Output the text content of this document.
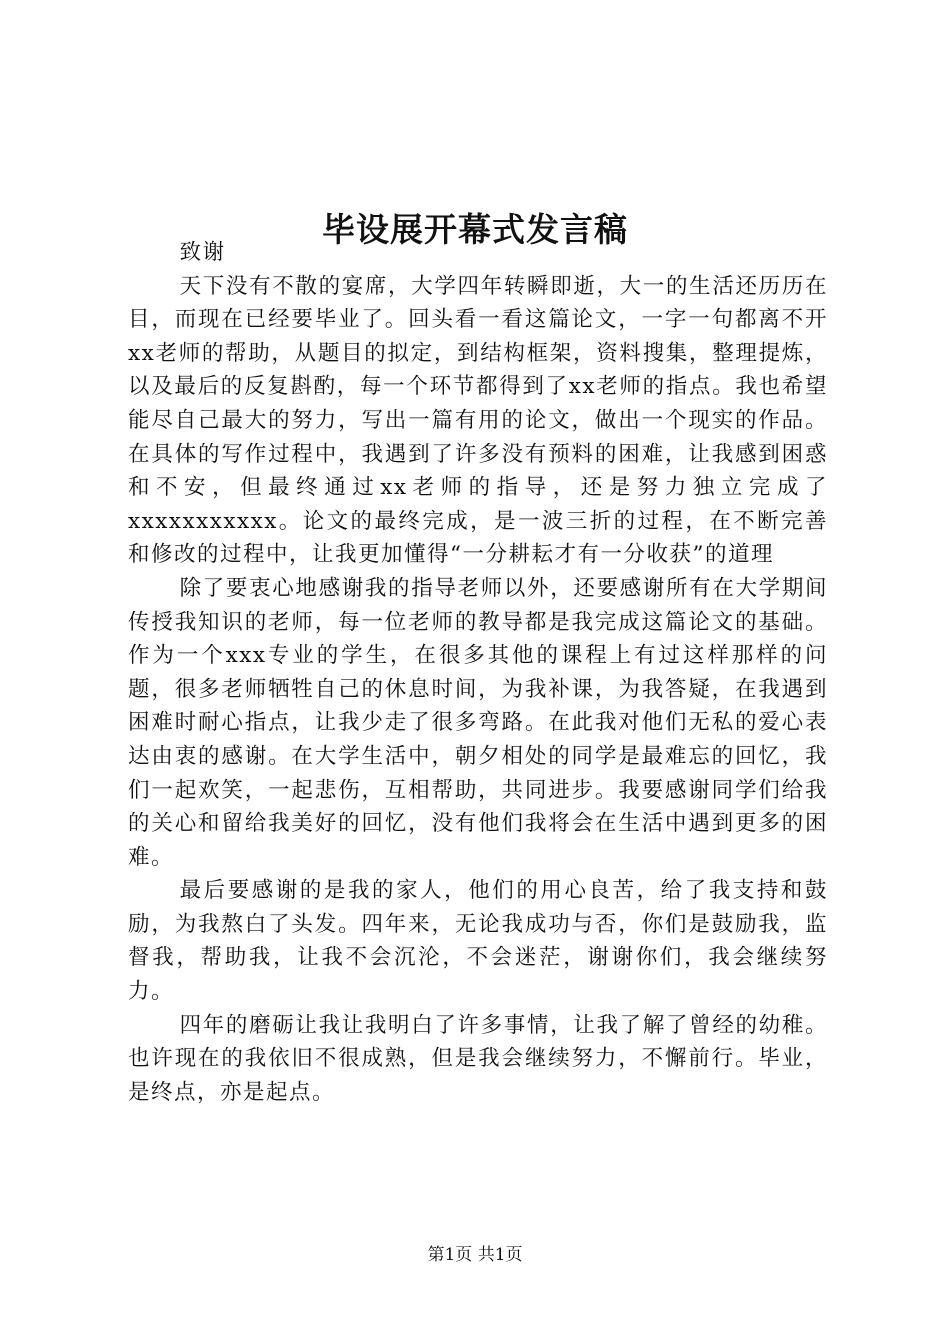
毕设展开幕式发言稿

致谢

天下没有不散的宴席，大学四年转瞬即逝，大一的生活还历历在目，而现在已经要毕业了。回头看一看这篇论文，一字一句都离不开xx老师的帮助，从题目的拟定，到结构框架，资料搜集，整理提炼，以及最后的反复斟酌，每一个环节都得到了xx老师的指点。我也希望能尽自己最大的努力，写出一篇有用的论文，做出一个现实的作品。在具体的写作过程中，我遇到了许多没有预料的困难，让我感到困惑和不安，但最终通过xx老师的指导，还是努力独立完成了xxxxxxxxxxx。论文的最终完成，是一波三折的过程，在不断完善和修改的过程中，让我更加懂得“一分耕耘才有一分收获”的道理

除了要衷心地感谢我的指导老师以外，还要感谢所有在大学期间传授我知识的老师，每一位老师的教导都是我完成这篇论文的基础。作为一个xxx专业的学生，在很多其他的课程上有过这样那样的问题，很多老师牺牲自己的休息时间，为我补课，为我答疑，在我遇到困难时耐心指点，让我少走了很多弯路。在此我对他们无私的爱心表达由衷的感谢。在大学生活中，朝夕相处的同学是最难忘的回忆，我们一起欢笑，一起悲伤，互相帮助，共同进步。我要感谢同学们给我的关心和留给我美好的回忆，没有他们我将会在生活中遇到更多的困难。

最后要感谢的是我的家人，他们的用心良苦，给了我支持和鼓励，为我熬白了头发。四年来，无论我成功与否，你们是鼓励我，监督我，帮助我，让我不会沉沦，不会迷茫，谢谢你们，我会继续努力。

四年的磨砺让我让我明白了许多事情，让我了解了曾经的幼稚。也许现在的我依旧不很成熟，但是我会继续努力，不懈前行。毕业，是终点，亦是起点。

第1页 共1页
